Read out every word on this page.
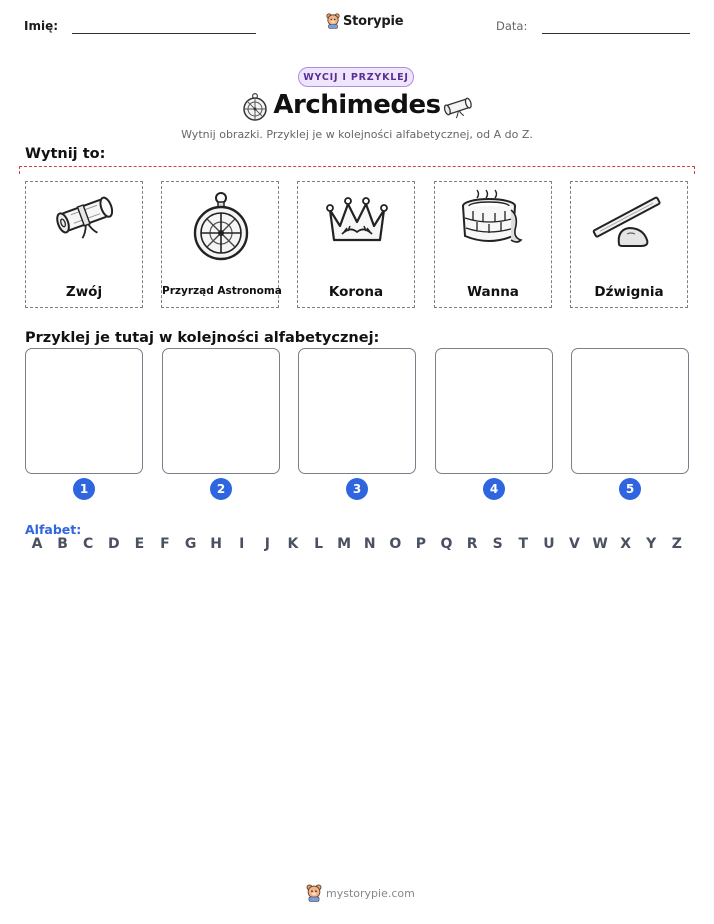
Imię:	Storypie	Data:
WYCIJ I PRZYKLEJ
Archimedes
Wytnij obrazki. Przyklej je w kolejności alfabetycznej, od A do Z.
Wytnij to:
Zwój	Przyrząd Astronoma	Korona	Wanna	Dźwignia
Przyklej je tutaj w kolejności alfabetycznej:
1	2	3	4	5
Alfabet:
A	B	C	D	E	F	G H	I	J	K	L	M N O	P	Q	R	S	T	U	V W X	Y	Z
mystorypie.com
